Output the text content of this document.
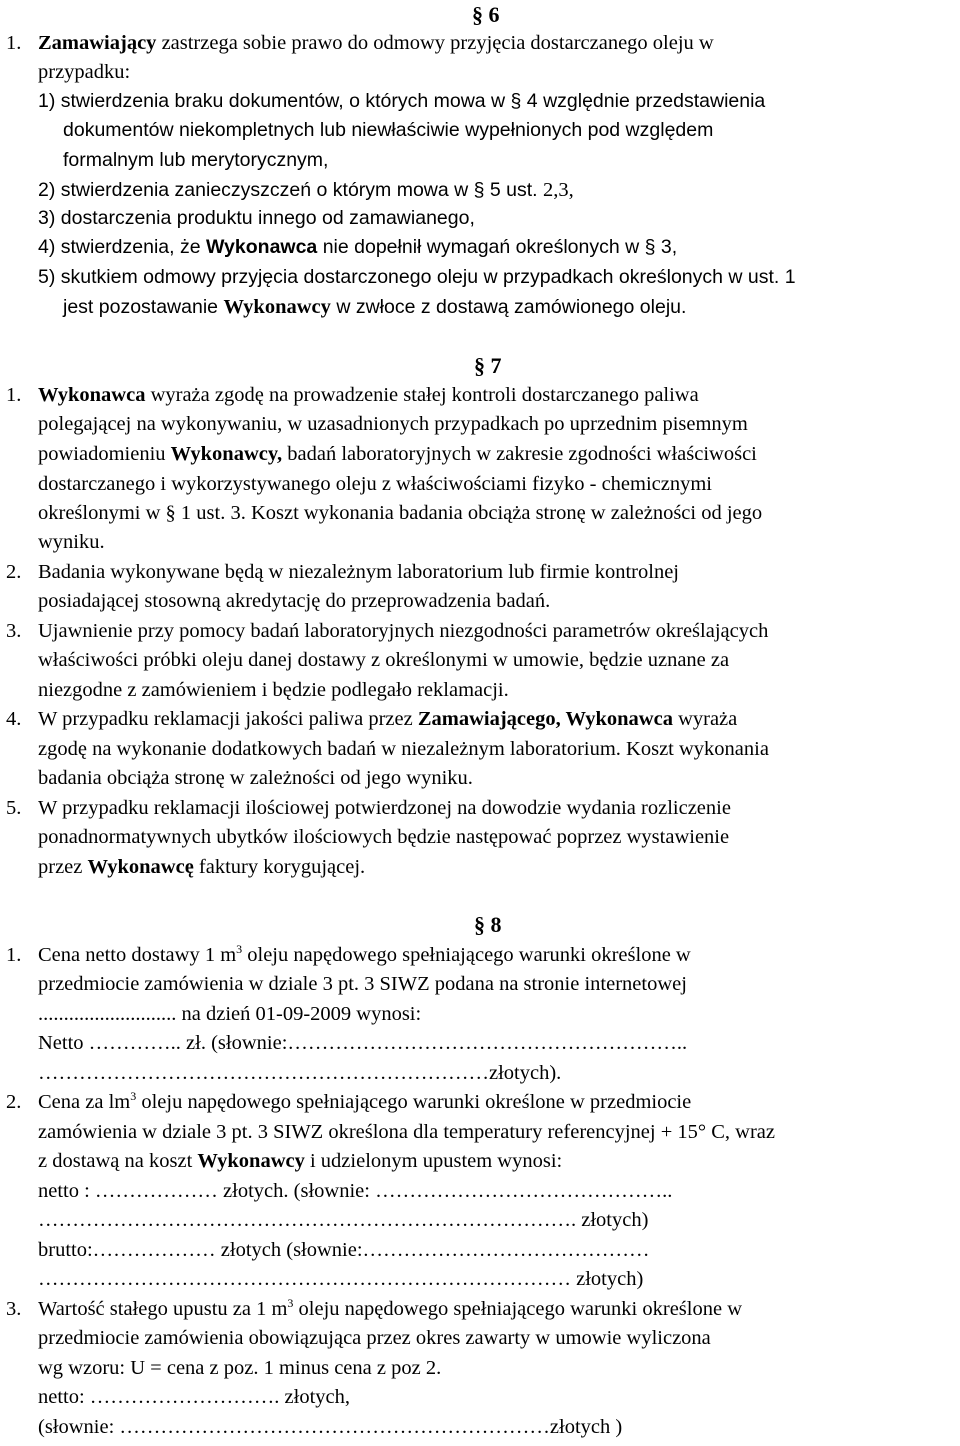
§ 6
1. Zamawiający zastrzega sobie prawo do odmowy przyjęcia dostarczanego oleju w
przypadku:
1) stwierdzenia braku dokumentów, o których mowa w § 4 względnie przedstawienia
dokumentów niekompletnych lub niewłaściwie wypełnionych pod względem
formalnym lub merytorycznym,
2) stwierdzenia zanieczyszczeń o którym mowa w § 5 ust. 2,3,
3) dostarczenia produktu innego od zamawianego,
4) stwierdzenia, że Wykonawca nie dopełnił wymagań określonych w § 3,
5) skutkiem odmowy przyjęcia dostarczonego oleju w przypadkach określonych w ust. 1
jest pozostawanie Wykonawcy w zwłoce z dostawą zamówionego oleju.
§ 7
1. Wykonawca wyraża zgodę na prowadzenie stałej kontroli dostarczanego paliwa
polegającej na wykonywaniu, w uzasadnionych przypadkach po uprzednim pisemnym
powiadomieniu Wykonawcy, badań laboratoryjnych w zakresie zgodności właściwości
dostarczanego i wykorzystywanego oleju z właściwościami fizyko - chemicznymi
określonymi w § 1 ust. 3. Koszt wykonania badania obciąża stronę w zależności od jego
wyniku.
2. Badania wykonywane będą w niezależnym laboratorium lub firmie kontrolnej
posiadającej stosowną akredytację do przeprowadzenia badań.
3. Ujawnienie przy pomocy badań laboratoryjnych niezgodności parametrów określających
właściwości próbki oleju danej dostawy z określonymi w umowie, będzie uznane za
niezgodne z zamówieniem i będzie podlegało reklamacji.
4. W przypadku reklamacji jakości paliwa przez Zamawiającego, Wykonawca wyraża
zgodę na wykonanie dodatkowych badań w niezależnym laboratorium. Koszt wykonania
badania obciąża stronę w zależności od jego wyniku.
5. W przypadku reklamacji ilościowej potwierdzonej na dowodzie wydania rozliczenie
ponadnormatywnych ubytków ilościowych będzie następować poprzez wystawienie
przez Wykonawcę faktury korygującej.
§ 8
1. Cena netto dostawy 1 $m^3$ oleju napędowego spełniającego warunki określone w
przedmiocie zamówienia w dziale 3 pt. 3 SIWZ podana na stronie internetowej
........................... na dzień 01-09-2009 wynosi:
Netto ………….. zł. (słownie:…………………………………………………..
…………………………………………………………złotych).
2. Cena za $lm^3$ oleju napędowego spełniającego warunki określone w przedmiocie
zamówienia w dziale 3 pt. 3 SIWZ określona dla temperatury referencyjnej + 15° C, wraz
z dostawą na koszt Wykonawcy i udzielonym upustem wynosi:
netto : ……………… złotych. (słownie: ……………………………………..
……………………………………………………………………. złotych)
brutto:……………… złotych (słownie:……………………………………
…………………………………………………………………… złotych)
3. Wartość stałego upustu za 1 $m^3$ oleju napędowego spełniającego warunki określone w
przedmiocie zamówienia obowiązująca przez okres zawarty w umowie wyliczona
wg wzoru: U = cena z poz. 1 minus cena z poz 2.
netto: ………………………. złotych,
(słownie: ………………………………………………………złotych )
